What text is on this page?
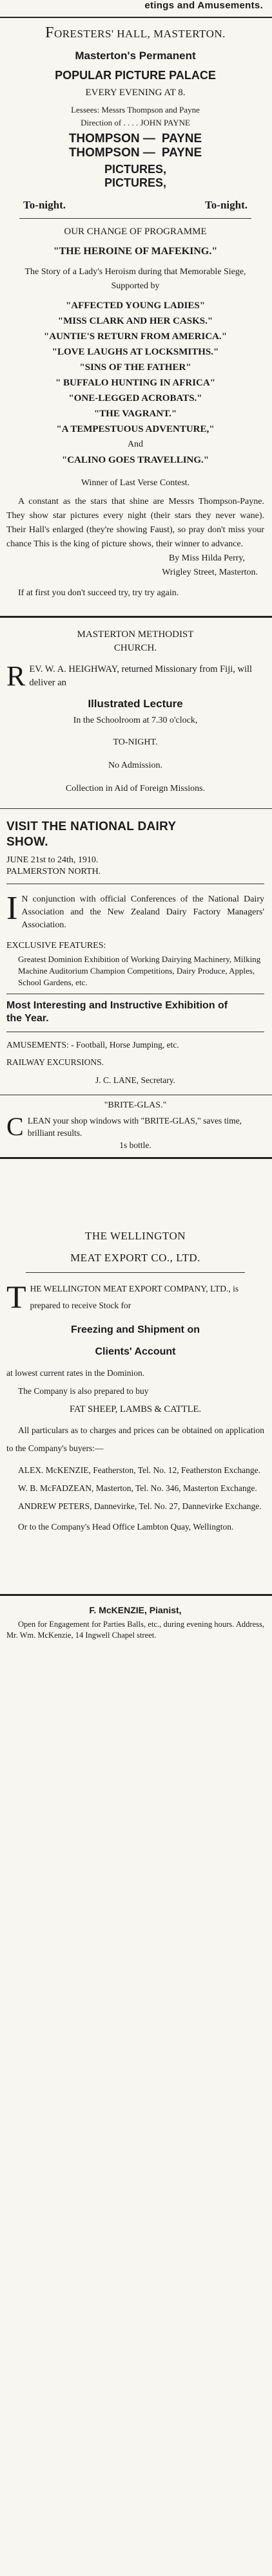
etings and Amusements.

FORESTERS' HALL, MASTERTON.

Masterton's Permanent

POPULAR PICTURE PALACE

EVERY EVENING AT 8.

Lessees: Messrs Thompson and Payne

Direction of . . . . JOHN PAYNE

THOMPSON —
THOMPSON —
PAYNE
PAYNE
PICTURES,
PICTURES,
To-night.	To-night.

OUR CHANGE OF PROGRAMME

"THE HEROINE OF MAFEKING."
The Story of a Lady's Heroism during that Memorable Siege,
Supported by
"AFFECTED YOUNG LADIES"
"MISS CLARK AND HER CASKS."
"AUNTIE'S RETURN FROM AMERICA."
"LOVE LAUGHS AT LOCKSMITHS."
"SINS OF THE FATHER"
" BUFFALO HUNTING IN AFRICA"
"ONE-LEGGED ACROBATS."
"THE VAGRANT."
"A TEMPESTUOUS ADVENTURE,"
And
"CALINO GOES TRAVELLING."

Winner of Last Verse Contest.

A constant as the stars that shine are Messrs Thompson-Payne. They show star pictures every night (their stars they never wane). Their Hall's enlarged (they're showing Faust), so pray don't miss your chance This is the king of picture shows, their winner to advance.

By Miss Hilda Perry,

Wrigley Street, Masterton.

If at first you don't succeed try, try try again.

MASTERTON METHODIST

CHURCH.

R EV. W. A. HEIGHWAY, returned Missionary from Fiji, will deliver an

Illustrated Lecture

In the Schoolroom at 7.30 o'clock,

TO-NIGHT.

No Admission.

Collection in Aid of Foreign Missions.

VISIT THE NATIONAL DAIRY SHOW.

JUNE 21st to 24th, 1910.

PALMERSTON NORTH.

I N conjunction with official Conferences of the National Dairy Association and the New Zealand Dairy Factory Managers' Association.

EXCLUSIVE FEATURES:

Greatest Dominion Exhibition of Working Dairying Machinery, Milking Machine Auditorium Champion Competitions, Dairy Produce, Apples, School Gardens, etc.

Most Interesting and Instructive Exhibition of the Year.

AMUSEMENTS: - Football, Horse Jumping, etc.

RAILWAY EXCURSIONS.

J. C. LANE, Secretary.

"BRITE-GLAS."

C LEAN your shop windows with "BRITE-GLAS," saves time, brilliant results.

1s bottle.

THE WELLINGTON

MEAT EXPORT CO., LTD.

T HE WELLINGTON MEAT EXPORT COMPANY, LTD., is prepared to receive Stock for

Freezing and Shipment on

Clients' Account

at lowest current rates in the Dominion.

The Company is also prepared to buy

FAT SHEEP, LAMBS & CATTLE.

All particulars as to charges and prices can be obtained on application to the Company's buyers:—

ALEX. McKENZIE, Featherston, Tel. No. 12, Featherston Exchange.

W. B. McFADZEAN, Masterton, Tel. No. 346, Masterton Exchange.

ANDREW PETERS, Dannevirke, Tel. No. 27, Dannevirke Exchange.

Or to the Company's Head Office Lambton Quay, Wellington.

F. McKENZIE, Pianist,

Open for Engagement for Parties Balls, etc., during evening hours. Address, Mr. Wm. McKenzie, 14 Ingwell Chapel street.
